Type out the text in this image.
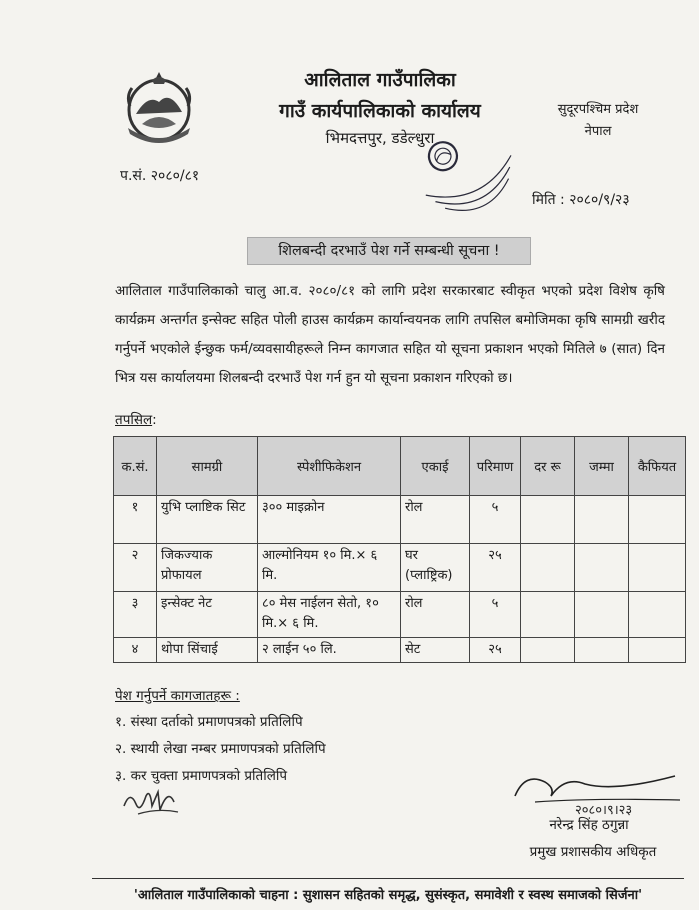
आलिताल गाउँपालिका
गाउँ कार्यपालिकाको कार्यालय
भिमदत्तपुर, डडेल्धुरा
सुदूरपश्चिम प्रदेश
नेपाल
प.सं. २०८०/८१
मिति : २०८०/९/२३
शिलबन्दी दरभाउँ पेश गर्ने सम्बन्धी सूचना !
आलिताल गाउँपालिकाको चालु आ.व. २०८०/८१ को लागि प्रदेश सरकारबाट स्वीकृत भएको प्रदेश विशेष कृषि कार्यक्रम अन्तर्गत इन्सेक्ट सहित पोली हाउस कार्यक्रम कार्यान्वयनक लागि तपसिल बमोजिमका कृषि सामग्री खरीद गर्नुपर्ने भएकोले ईन्छुक फर्म/व्यवसायीहरूले निम्न कागजात सहित यो सूचना प्रकाशन भएको मितिले ७ (सात) दिन भित्र यस कार्यालयमा शिलबन्दी दरभाउँ पेश गर्न हुन यो सूचना प्रकाशन गरिएको छ।
तपसिल:
क.सं.	सामग्री	स्पेशीफिकेशन	एकाई	परिमाण	दर रू	जम्मा	कैफियत
१	युभि प्लाष्टिक सिट	३०० माइक्रोन	रोल	५			
२	जिकज्याक प्रोफायल	आल्मोनियम १० मि.× ६ मि.	घर (प्लाष्ट्रिक)	२५			
३	इन्सेक्ट नेट	८० मेस नाईलन सेतो, १० मि.× ६ मि.	रोल	५			
४	थोपा सिंचाई	२ लाईन ५० लि.	सेट	२५			
पेश गर्नुपर्ने कागजातहरू :
१. संस्था दर्ताको प्रमाणपत्रको प्रतिलिपि
२. स्थायी लेखा नम्बर प्रमाणपत्रको प्रतिलिपि
३. कर चुक्ता प्रमाणपत्रको प्रतिलिपि
२०८०।९।२३
नरेन्द्र सिंह ठगुन्ना
प्रमुख प्रशासकीय अधिकृत
'आलिताल गाउँपालिकाको चाहना : सुशासन सहितको समृद्ध, सुसंस्कृत, समावेशी र स्वस्थ समाजको सिर्जना'
